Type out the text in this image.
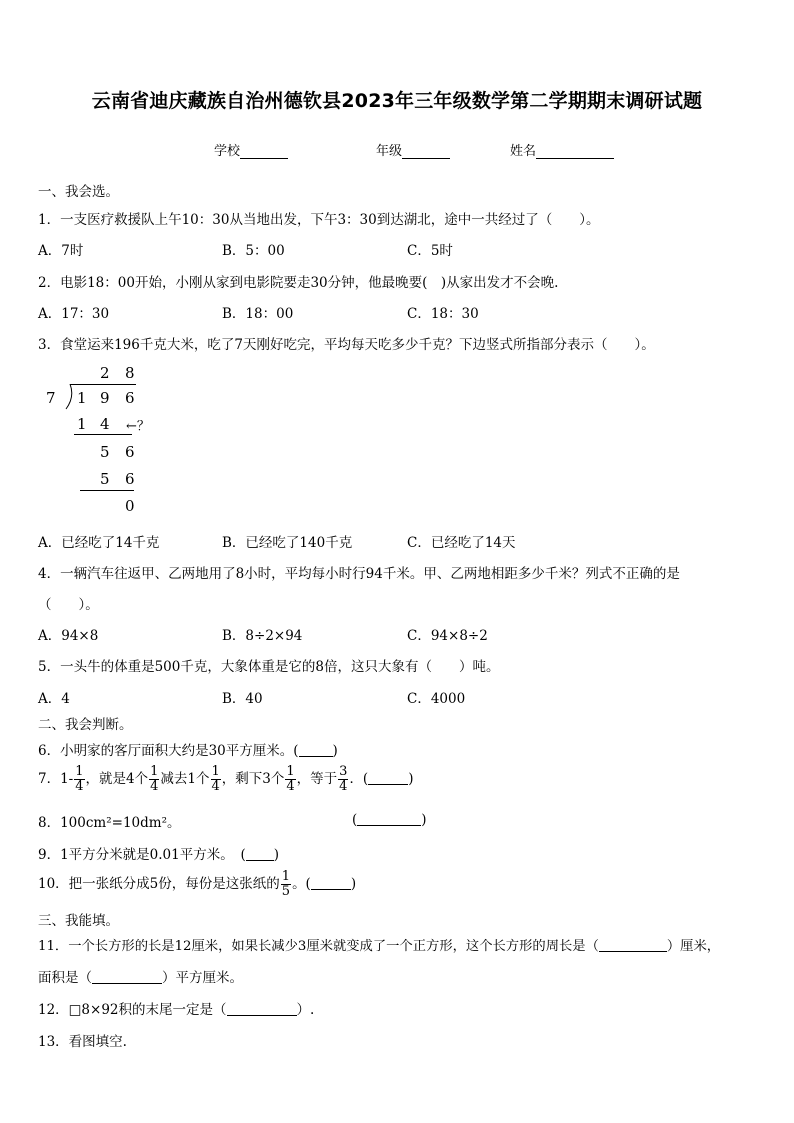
云南省迪庆藏族自治州德钦县2023年三年级数学第二学期期末调研试题
学校	年级	姓名
一、我会选。
1．一支医疗救援队上午10：30从当地出发，下午3：30到达湖北，途中一共经过了（　　）。
A．7时	B．5：00	C．5时
2．电影18：00开始，小刚从家到电影院要走30分钟，他最晚要(　)从家出发才不会晚.
A．17：30	B．18：00	C．18：30
3．食堂运来196千克大米，吃了7天刚好吃完，平均每天吃多少千克？下边竖式所指部分表示（　　）。
2 8
7 1 9 6
1 4 ←？
5 6
5 6
0
A．已经吃了14千克	B．已经吃了140千克	C．已经吃了14天
4．一辆汽车往返甲、乙两地用了8小时，平均每小时行94千米。甲、乙两地相距多少千米？列式不正确的是
（　　）。
A．94×8	B．8÷2×94	C．94×8÷2
5．一头牛的体重是500千克，大象体重是它的8倍，这只大象有（　　）吨。
A．4	B．40	C．4000
二、我会判断。
6．小明家的客厅面积大约是30平方厘米。(	)
7．$1- \frac{1}{4}$ ，就是4个 $\frac{1}{4}$ 减去1个 $\frac{1}{4}$ ，剩下3个 $\frac{1}{4}$ ，等于 $\frac{3}{4}$ ．(	)
8．100cm²=10dm²。	(	)
9．1平方分米就是0.01平方米。　( )
10．把一张纸分成5份，每份是这张纸的 $\frac{1}{5}$ 。(	)
三、我能填。
11．一个长方形的长是12厘米，如果长减少3厘米就变成了一个正方形，这个长方形的周长是（	）厘米，
面积是（	）平方厘米。
12．□8×92积的末尾一定是（	）.
13．看图填空.
